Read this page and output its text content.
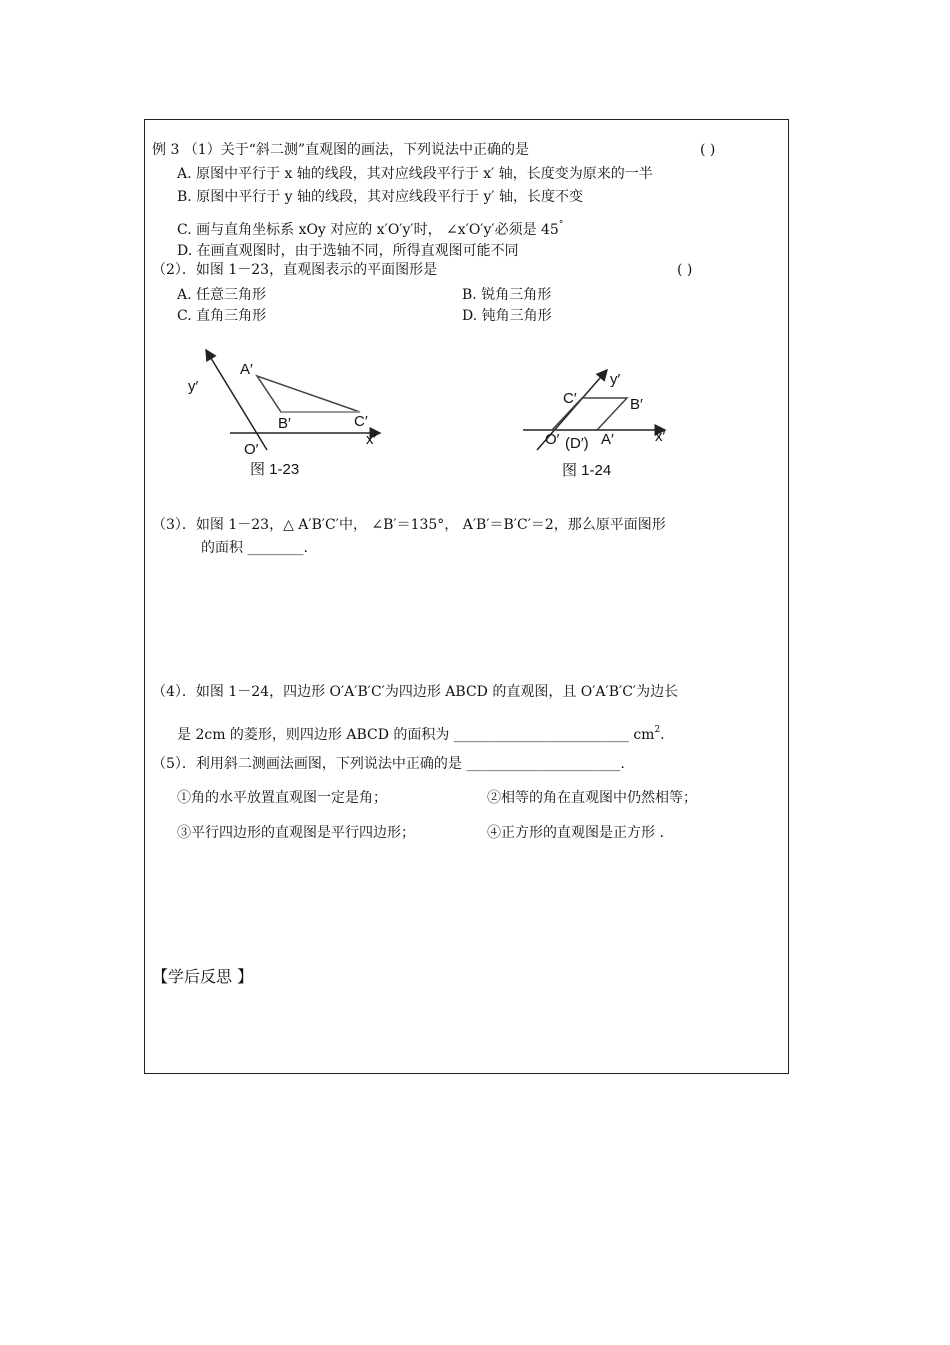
例 3 （1）关于“斜二测”直观图的画法，下列说法中正确的是	( )
A. 原图中平行于 x 轴的线段，其对应线段平行于 x′ 轴，长度变为原来的一半
B. 原图中平行于 y 轴的线段，其对应线段平行于 y′ 轴，长度不变
C. 画与直角坐标系 xOy 对应的 x′O′y′时， ∠x′O′y′必须是 45°
D. 在画直观图时，由于选轴不同，所得直观图可能不同
（2）．如图 1－23，直观图表示的平面图形是	( )
A. 任意三角形	B. 锐角三角形
C. 直角三角形	D. 钝角三角形
y′
x′
O′
A′
B′	C′
图 1-23
y′
x′
O′ (D′) A′
B′
C′
图 1-24
（3）．如图 1－23，△ A′B′C′中， ∠B′＝135°， A′B′＝B′C′＝2，那么原平面图形
的面积 ________.
（4）．如图 1－24，四边形 O′A′B′C′为四边形 ABCD 的直观图，且 O′A′B′C′为边长
是 2cm 的菱形，则四边形 ABCD 的面积为 _________________________ $cm^2$.
（5）．利用斜二测画法画图，下列说法中正确的是 ______________________.
①角的水平放置直观图一定是角；	②相等的角在直观图中仍然相等；
③平行四边形的直观图是平行四边形；	④正方形的直观图是正方形 .
【学后反思 】
